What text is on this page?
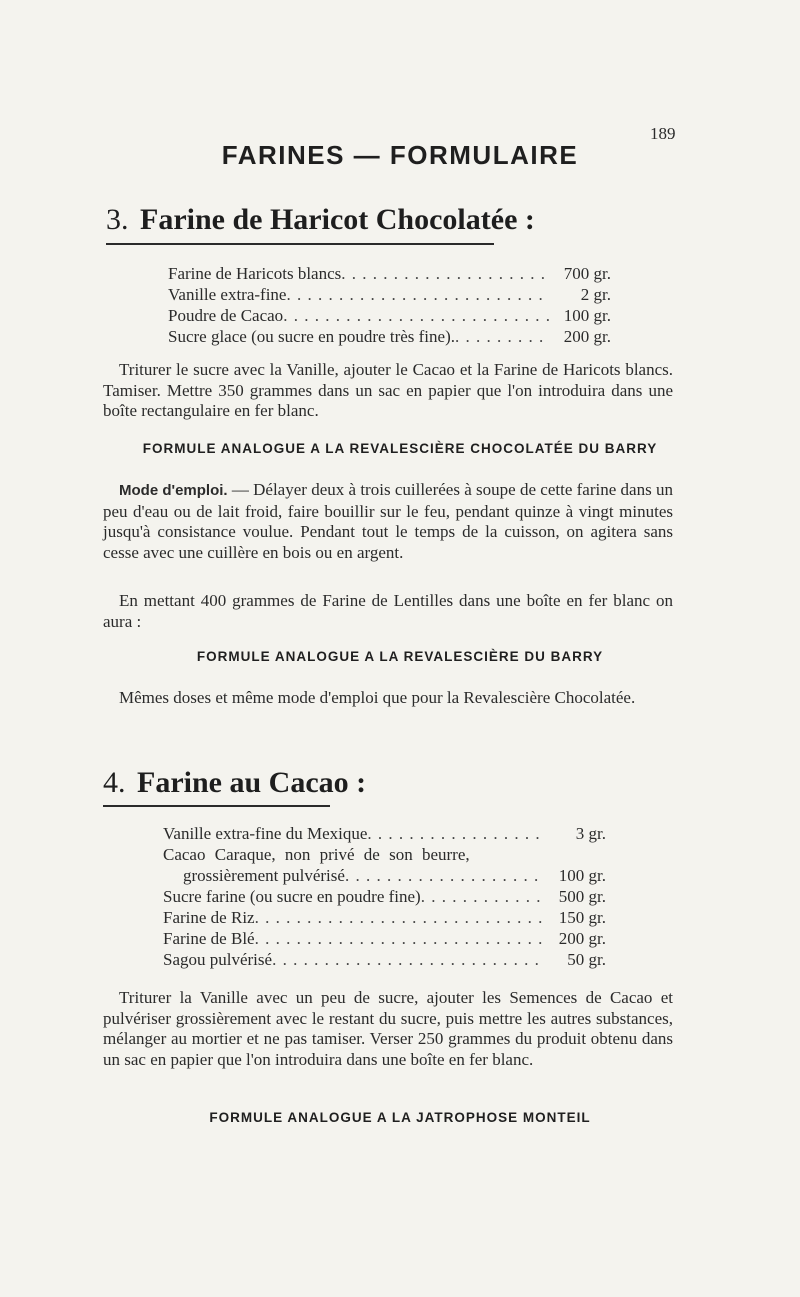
189
FARINES — FORMULAIRE
3. Farine de Haricot Chocolatée :
Farine de Haricots blancs . . .	700 gr.
Vanille extra-fine . . .	2 gr.
Poudre de Cacao . . .	100 gr.
Sucre glace (ou sucre en poudre très fine). . . .	200 gr.
Triturer le sucre avec la Vanille, ajouter le Cacao et la Farine de Haricots blancs. Tamiser. Mettre 350 grammes dans un sac en papier que l'on introduira dans une boîte rectangulaire en fer blanc.
FORMULE ANALOGUE A LA REVALESCIÈRE CHOCOLATÉE DU BARRY
Mode d'emploi. — Délayer deux à trois cuillerées à soupe de cette farine dans un peu d'eau ou de lait froid, faire bouillir sur le feu, pendant quinze à vingt minutes jusqu'à consistance voulue. Pendant tout le temps de la cuisson, on agitera sans cesse avec une cuillère en bois ou en argent.
En mettant 400 grammes de Farine de Lentilles dans une boîte en fer blanc on aura :
FORMULE ANALOGUE A LA REVALESCIÈRE DU BARRY
Mêmes doses et même mode d'emploi que pour la Revalescière Chocolatée.
4. Farine au Cacao :
Vanille extra-fine du Mexique . . .	3 gr.
Cacao Caraque, non privé de son beurre,
grossièrement pulvérisé . . .	100 gr.
Sucre farine (ou sucre en poudre fine) . . .	500 gr.
Farine de Riz . . .	150 gr.
Farine de Blé . . .	200 gr.
Sagou pulvérisé . . .	50 gr.
Triturer la Vanille avec un peu de sucre, ajouter les Semences de Cacao et pulvériser grossièrement avec le restant du sucre, puis mettre les autres substances, mélanger au mortier et ne pas tamiser. Verser 250 grammes du produit obtenu dans un sac en papier que l'on introduira dans une boîte en fer blanc.
FORMULE ANALOGUE A LA JATROPHOSE MONTEIL
